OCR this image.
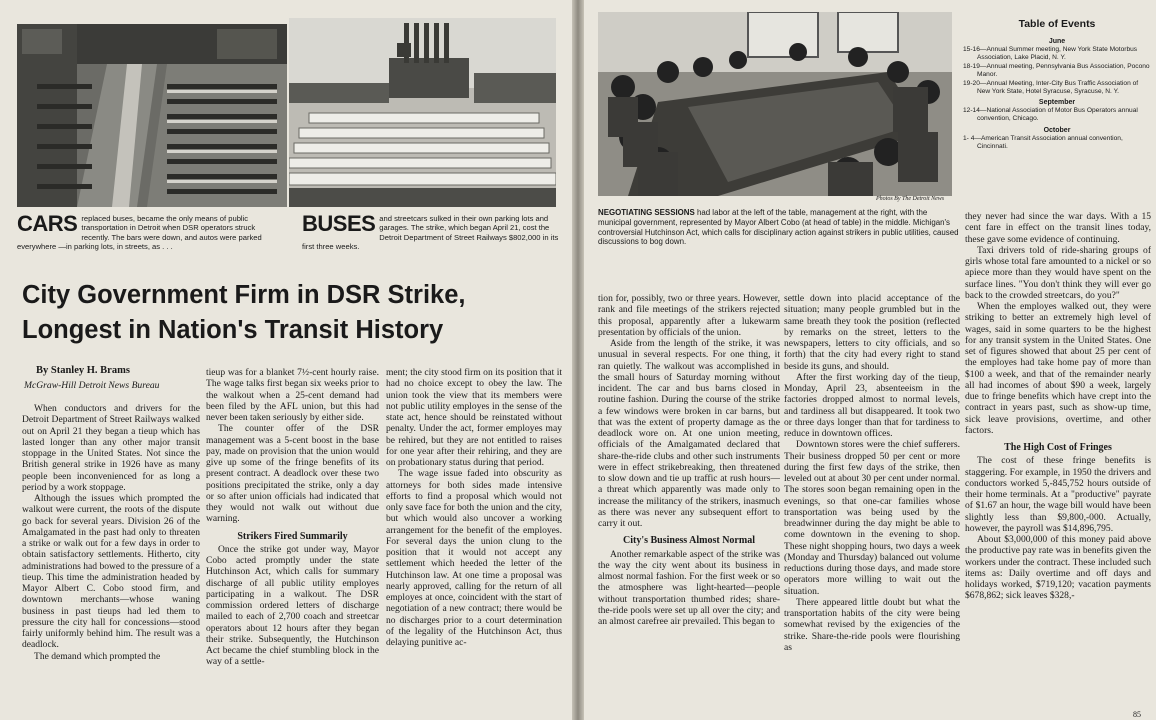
CARS replaced buses, became the only means of public transportation in Detroit when DSR operators struck recently. The bars were down, and autos were parked everywhere —in parking lots, in streets, as . . .
BUSES and streetcars sulked in their own parking lots and garages. The strike, which began April 21, cost the Detroit Department of Street Railways $802,000 in its first three weeks.
City Government Firm in DSR Strike,
Longest in Nation's Transit History
By Stanley H. Brams
McGraw-Hill Detroit News Bureau

When conductors and drivers for the Detroit Department of Street Railways walked out on April 21 they began a tieup which has lasted longer than any other major transit stoppage in the United States. Not since the British general strike in 1926 have as many people been inconvenienced for as long a period by a work stoppage.

Although the issues which prompted the walkout were current, the roots of the dispute go back for several years. Division 26 of the Amalgamated in the past had only to threaten a strike or walk out for a few days in order to obtain satisfactory settlements. Hitherto, city administrations had bowed to the pressure of a tieup. This time the administration headed by Mayor Albert C. Cobo stood firm, and downtown merchants—whose waning business in past tieups had led them to pressure the city hall for concessions—stood fairly uniformly behind him. The result was a deadlock.

The demand which prompted the

tieup was for a blanket 7½-cent hourly raise. The wage talks first began six weeks prior to the walkout when a 25-cent demand had been filed by the AFL union, but this had never been taken seriously by either side.

The counter offer of the DSR management was a 5-cent boost in the base pay, made on provision that the union would give up some of the fringe benefits of its present contract. A deadlock over these two positions precipitated the strike, only a day or so after union officials had indicated that they would not walk out without due warning.

Strikers Fired Summarily

Once the strike got under way, Mayor Cobo acted promptly under the state Hutchinson Act, which calls for summary discharge of all public utility employes participating in a walkout. The DSR commission ordered letters of discharge mailed to each of 2,700 coach and streetcar operators about 12 hours after they began their strike. Subsequently, the Hutchinson Act became the chief stumbling block in the way of a settle-

ment; the city stood firm on its position that it had no choice except to obey the law. The union took the view that its members were not public utility employes in the sense of the state act, hence should be reinstated without penalty. Under the act, former employes may be rehired, but they are not entitled to raises for one year after their rehiring, and they are on probationary status during that period.

The wage issue faded into obscurity as attorneys for both sides made intensive efforts to find a proposal which would not only save face for both the union and the city, but which would also uncover a working arrangement for the benefit of the employes. For several days the union clung to the position that it would not accept any settlement which heeded the letter of the Hutchinson law. At one time a proposal was nearly approved, calling for the return of all employes at once, coincident with the start of negotiation of a new contract; there would be no discharges prior to a court determination of the legality of the Hutchinson Act, thus delaying punitive ac-

Photos By The Detroit News
NEGOTIATING SESSIONS had labor at the left of the table, management at the right, with the municipal government, represented by Mayor Albert Cobo (at head of table) in the middle. Michigan's controversial Hutchinson Act, which calls for disciplinary action against strikers in public utilities, caused discussions to bog down.
Table of Events
June
15-16—Annual Summer meeting, New York State Motorbus Association, Lake Placid, N. Y.
18-19—Annual meeting, Pennsylvania Bus Association, Pocono Manor.
19-20—Annual Meeting, Inter-City Bus Traffic Association of New York State, Hotel Syracuse, Syracuse, N. Y.
September
12-14—National Association of Motor Bus Operators annual convention, Chicago.
October
1- 4—American Transit Association annual convention, Cincinnati.

tion for, possibly, two or three years. However, rank and file meetings of the strikers rejected this proposal, apparently after a lukewarm presentation by officials of the union.

Aside from the length of the strike, it was unusual in several respects. For one thing, it ran quietly. The walkout was accomplished in the small hours of Saturday morning without incident. The car and bus barns closed in routine fashion. During the course of the strike a few windows were broken in car barns, but that was the extent of property damage as the deadlock wore on. At one union meeting, officials of the Amalgamated declared that share-the-ride clubs and other such instruments were in effect strikebreaking, then threatened to slow down and tie up traffic at rush hours—a threat which apparently was made only to increase the militancy of the strikers, inasmuch as there was never any subsequent effort to carry it out.

City's Business Almost Normal

Another remarkable aspect of the strike was the way the city went about its business in almost normal fashion. For the first week or so the atmosphere was light-hearted—people without transportation thumbed rides; share-the-ride pools were set up all over the city; and an almost carefree air prevailed. This began to

settle down into placid acceptance of the situation; many people grumbled but in the same breath they took the position (reflected by remarks on the street, letters to the newspapers, letters to city officials, and so forth) that the city had every right to stand beside its guns, and should.

After the first working day of the tieup, Monday, April 23, absenteeism in the factories dropped almost to normal levels, and tardiness all but disappeared. It took two or three days longer than that for tardiness to reduce in downtown offices.

Downtown stores were the chief sufferers. Their business dropped 50 per cent or more during the first few days of the strike, then leveled out at about 30 per cent under normal. The stores soon began remaining open in the evenings, so that one-car families whose transportation was being used by the breadwinner during the day might be able to come downtown in the evening to shop. These night shopping hours, two days a week (Monday and Thursday) balanced out volume reductions during those days, and made store operators more willing to wait out the situation.

There appeared little doubt but what the transportation habits of the city were being somewhat revised by the exigencies of the strike. Share-the-ride pools were flourishing as

they never had since the war days. With a 15 cent fare in effect on the transit lines today, these gave some evidence of continuing.

Taxi drivers told of ride-sharing groups of girls whose total fare amounted to a nickel or so apiece more than they would have spent on the surface lines. "You don't think they will ever go back to the crowded streetcars, do you?"

When the employes walked out, they were striking to better an extremely high level of wages, said in some quarters to be the highest for any transit system in the United States. One set of figures showed that about 25 per cent of the employes had take home pay of more than $100 a week, and that of the remainder nearly all had incomes of about $90 a week, largely due to fringe benefits which have crept into the contract in years past, such as show-up time, sick leave provisions, overtime, and other factors.

The High Cost of Fringes

The cost of these fringe benefits is staggering. For example, in 1950 the drivers and conductors worked 5,-845,752 hours outside of their home terminals. At a "productive" payrate of $1.67 an hour, the wage bill would have been slightly less than $9,800,-000. Actually, however, the payroll was $14,896,795.

About $3,000,000 of this money paid above the productive pay rate was in benefits given the workers under the contract. These included such items as: Daily overtime and off days and holidays worked, $719,120; vacation payments $678,862; sick leaves $328,-

85
